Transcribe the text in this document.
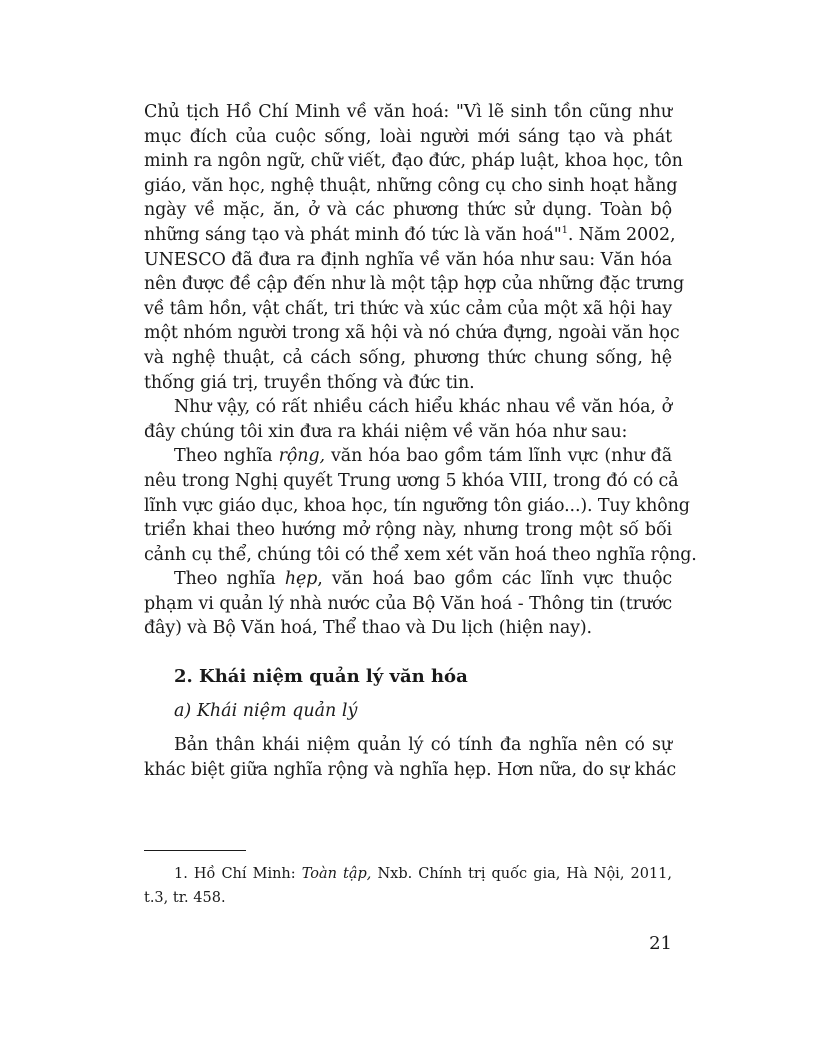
Chủ tịch Hồ Chí Minh về văn hoá: "Vì lẽ sinh tồn cũng như
mục đích của cuộc sống, loài người mới sáng tạo và phát
minh ra ngôn ngữ, chữ viết, đạo đức, pháp luật, khoa học, tôn
giáo, văn học, nghệ thuật, những công cụ cho sinh hoạt hằng
ngày về mặc, ăn, ở và các phương thức sử dụng. Toàn bộ
những sáng tạo và phát minh đó tức là văn hoá"$^1$. Năm 2002,
UNESCO đã đưa ra định nghĩa về văn hóa như sau: Văn hóa
nên được đề cập đến như là một tập hợp của những đặc trưng
về tâm hồn, vật chất, tri thức và xúc cảm của một xã hội hay
một nhóm người trong xã hội và nó chứa đựng, ngoài văn học
và nghệ thuật, cả cách sống, phương thức chung sống, hệ
thống giá trị, truyền thống và đức tin.
Như vậy, có rất nhiều cách hiểu khác nhau về văn hóa, ở
đây chúng tôi xin đưa ra khái niệm về văn hóa như sau:
Theo nghĩa rộng, văn hóa bao gồm tám lĩnh vực (như đã
nêu trong Nghị quyết Trung ương 5 khóa VIII, trong đó có cả
lĩnh vực giáo dục, khoa học, tín ngưỡng tôn giáo...). Tuy không
triển khai theo hướng mở rộng này, nhưng trong một số bối
cảnh cụ thể, chúng tôi có thể xem xét văn hoá theo nghĩa rộng.
Theo nghĩa hẹp, văn hoá bao gồm các lĩnh vực thuộc
phạm vi quản lý nhà nước của Bộ Văn hoá - Thông tin (trước
đây) và Bộ Văn hoá, Thể thao và Du lịch (hiện nay).
2. Khái niệm quản lý văn hóa
a) Khái niệm quản lý
Bản thân khái niệm quản lý có tính đa nghĩa nên có sự
khác biệt giữa nghĩa rộng và nghĩa hẹp. Hơn nữa, do sự khác
1. Hồ Chí Minh: Toàn tập, Nxb. Chính trị quốc gia, Hà Nội, 2011,
t.3, tr. 458.
21
